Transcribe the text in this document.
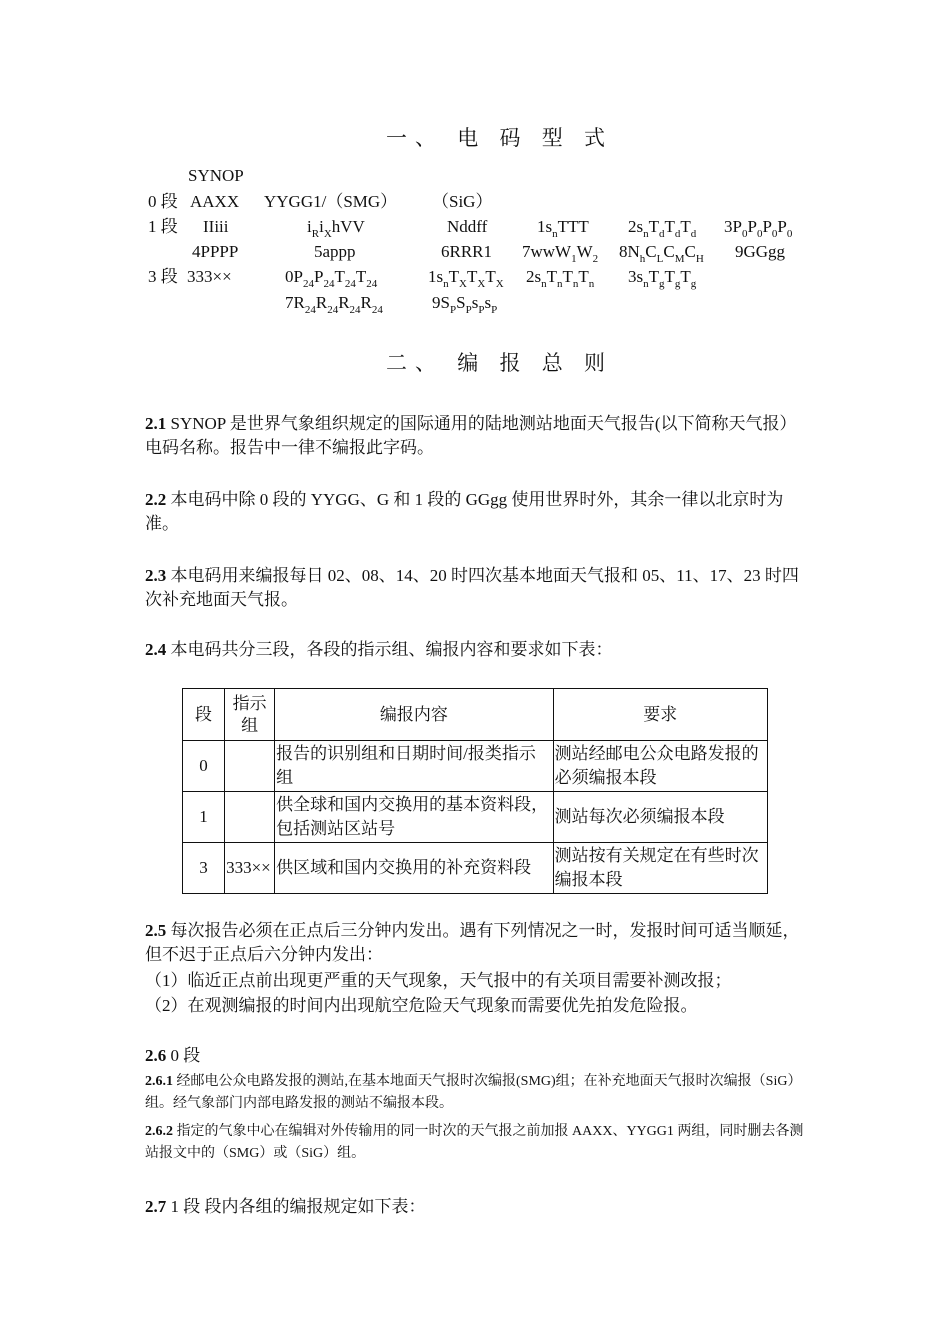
一、 电 码 型 式
SYNOP
0 段 AAXX YYGG1/（SMG） （SiG）
1 段 IIiii	$i_Ri_XhVV$	Nddff	$1s_nTTT$ $2s_nT_dT_dT_d$ $3P_0P_0P_0P_0$
4PPPP	5appp	6RRR1 $7wwW_1W_2$ $8N_hC_LC_MC_H$ 9GGgg
3 段 333××	$0P_{24}P_{24}T_{24}T_{24}$	$1s_nT_XT_XT_X$ $2s_nT_nT_nT_n$ $3s_nT_gT_gT_g$
$7R_{24}R_{24}R_{24}R_{24}$	$9S_PS_Ps_Ps_P$
二、 编 报 总 则
2.1 SYNOP 是世界气象组织规定的国际通用的陆地测站地面天气报告(以下简称天气报）电码名称。报告中一律不编报此字码。
2.2 本电码中除 0 段的 YYGG、G 和 1 段的 GGgg 使用世界时外，其余一律以北京时为准。
2.3 本电码用来编报每日 02、08、14、20 时四次基本地面天气报和 05、11、17、23 时四次补充地面天气报。
2.4 本电码共分三段，各段的指示组、编报内容和要求如下表：
段	指示组	编报内容	要求
0		报告的识别组和日期时间/报类指示组	测站经邮电公众电路发报的必须编报本段
1		供全球和国内交换用的基本资料段，包括测站区站号	测站每次必须编报本段
3	333××	供区域和国内交换用的补充资料段	测站按有关规定在有些时次编报本段
2.5 每次报告必须在正点后三分钟内发出。遇有下列情况之一时，发报时间可适当顺延，但不迟于正点后六分钟内发出：
（1）临近正点前出现更严重的天气现象，天气报中的有关项目需要补测改报；
（2）在观测编报的时间内出现航空危险天气现象而需要优先拍发危险报。
2.6 0 段
2.6.1 经邮电公众电路发报的测站,在基本地面天气报时次编报(SMG)组；在补充地面天气报时次编报（SiG）组。经气象部门内部电路发报的测站不编报本段。
2.6.2 指定的气象中心在编辑对外传输用的同一时次的天气报之前加报 AAXX、YYGG1 两组，同时删去各测站报文中的（SMG）或（SiG）组。
2.7 1 段 段内各组的编报规定如下表：
